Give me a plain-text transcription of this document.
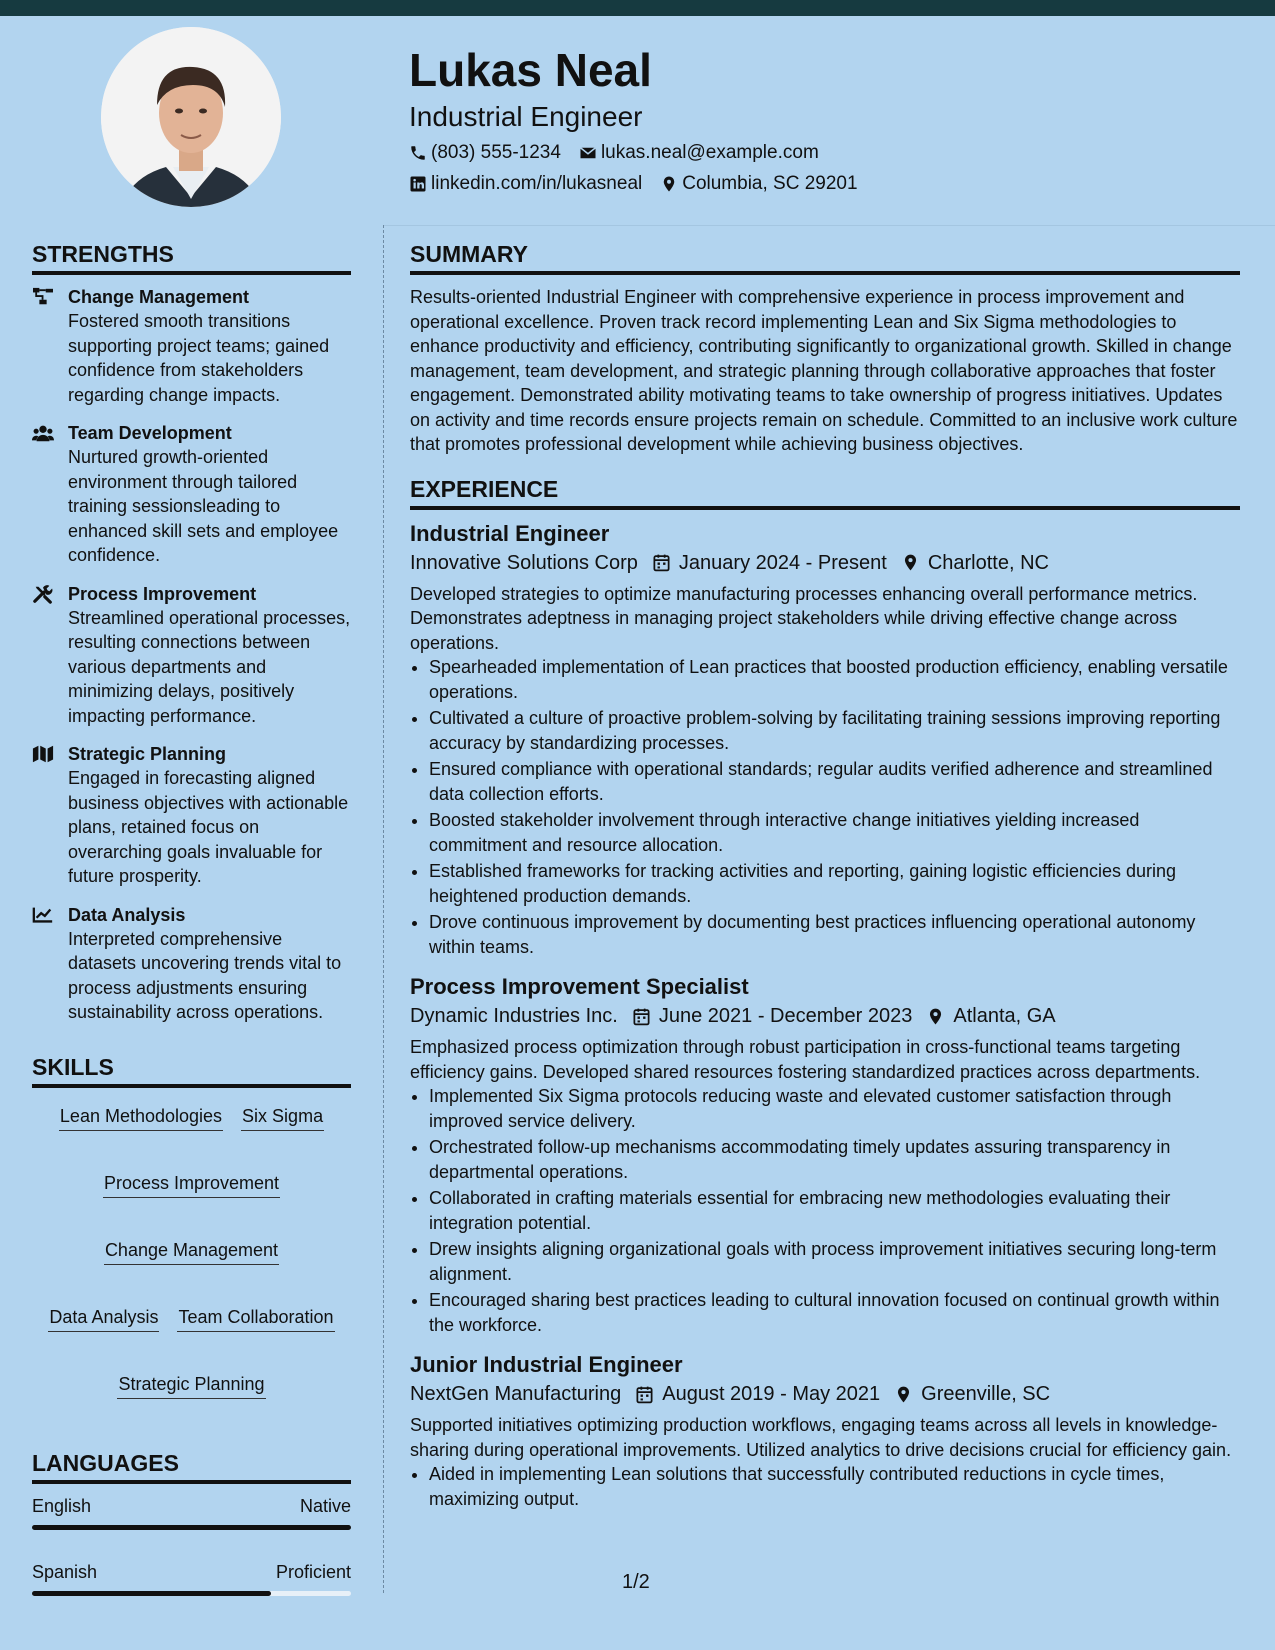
Lukas Neal
Industrial Engineer
(803) 555-1234 lukas.neal@example.com
linkedin.com/in/lukasneal Columbia, SC 29201
STRENGTHS
Change Management
Fostered smooth transitions supporting project teams; gained confidence from stakeholders regarding change impacts.
Team Development
Nurtured growth-oriented environment through tailored training sessionsleading to enhanced skill sets and employee confidence.
Process Improvement
Streamlined operational processes, resulting connections between various departments and minimizing delays, positively impacting performance.
Strategic Planning
Engaged in forecasting aligned business objectives with actionable plans, retained focus on overarching goals invaluable for future prosperity.
Data Analysis
Interpreted comprehensive datasets uncovering trends vital to process adjustments ensuring sustainability across operations.
SKILLS
Lean Methodologies Six Sigma
Process Improvement
Change Management
Data Analysis Team Collaboration
Strategic Planning
LANGUAGES
English	Native
Spanish	Proficient
SUMMARY

Results-oriented Industrial Engineer with comprehensive experience in process improvement and operational excellence. Proven track record implementing Lean and Six Sigma methodologies to enhance productivity and efficiency, contributing significantly to organizational growth. Skilled in change management, team development, and strategic planning through collaborative approaches that foster engagement. Demonstrated ability motivating teams to take ownership of progress initiatives. Updates on activity and time records ensure projects remain on schedule. Committed to an inclusive work culture that promotes professional development while achieving business objectives.

EXPERIENCE
Industrial Engineer
Innovative Solutions Corp January 2024 - Present Charlotte, NC
Developed strategies to optimize manufacturing processes enhancing overall performance metrics. Demonstrates adeptness in managing project stakeholders while driving effective change across operations.
• Spearheaded implementation of Lean practices that boosted production efficiency, enabling versatile operations.
• Cultivated a culture of proactive problem-solving by facilitating training sessions improving reporting accuracy by standardizing processes.
• Ensured compliance with operational standards; regular audits verified adherence and streamlined data collection efforts.
• Boosted stakeholder involvement through interactive change initiatives yielding increased commitment and resource allocation.
• Established frameworks for tracking activities and reporting, gaining logistic efficiencies during heightened production demands.
• Drove continuous improvement by documenting best practices influencing operational autonomy within teams.
Process Improvement Specialist
Dynamic Industries Inc. June 2021 - December 2023 Atlanta, GA
Emphasized process optimization through robust participation in cross-functional teams targeting efficiency gains. Developed shared resources fostering standardized practices across departments.
• Implemented Six Sigma protocols reducing waste and elevated customer satisfaction through improved service delivery.
• Orchestrated follow-up mechanisms accommodating timely updates assuring transparency in departmental operations.
• Collaborated in crafting materials essential for embracing new methodologies evaluating their integration potential.
• Drew insights aligning organizational goals with process improvement initiatives securing long-term alignment.
• Encouraged sharing best practices leading to cultural innovation focused on continual growth within the workforce.
Junior Industrial Engineer
NextGen Manufacturing August 2019 - May 2021 Greenville, SC
Supported initiatives optimizing production workflows, engaging teams across all levels in knowledge-sharing during operational improvements. Utilized analytics to drive decisions crucial for efficiency gain.
• Aided in implementing Lean solutions that successfully contributed reductions in cycle times, maximizing output.
1/2
